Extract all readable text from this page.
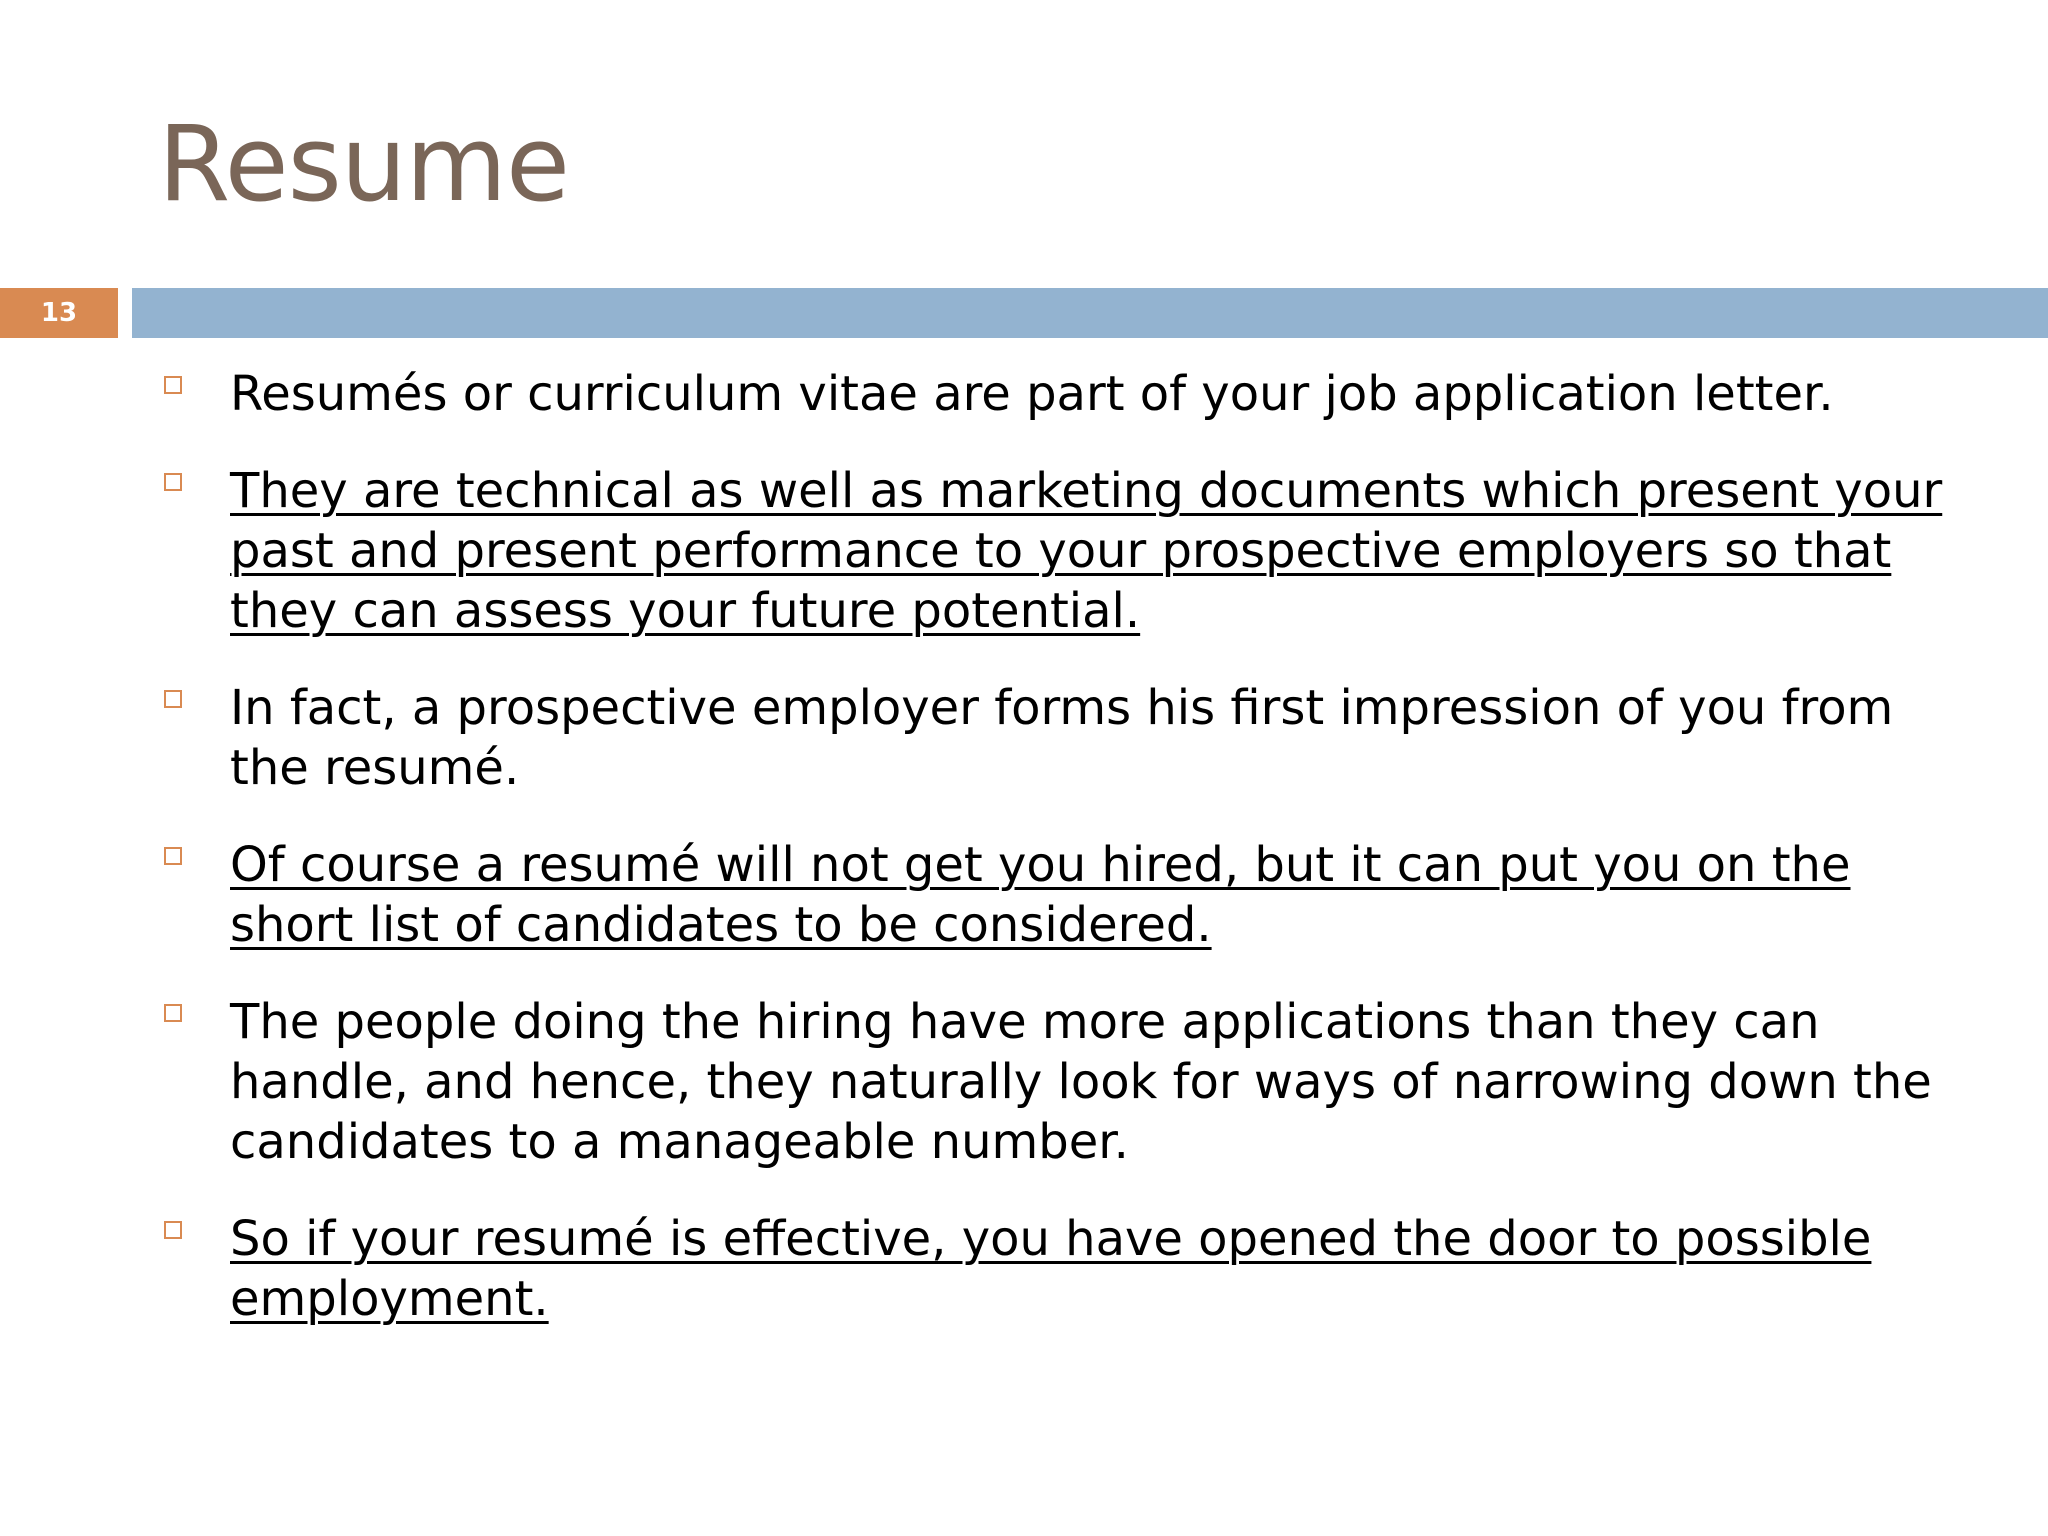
Resume
13
Resumés or curriculum vitae are part of your job application letter.
They are technical as well as marketing documents which present your past and present performance to your prospective employers so that they can assess your future potential.
In fact, a prospective employer forms his first impression of you from the resumé.
Of course a resumé will not get you hired, but it can put you on the short list of candidates to be considered.
The people doing the hiring have more applications than they can handle, and hence, they naturally look for ways of narrowing down the candidates to a manageable number.
So if your resumé is effective, you have opened the door to possible employment.
